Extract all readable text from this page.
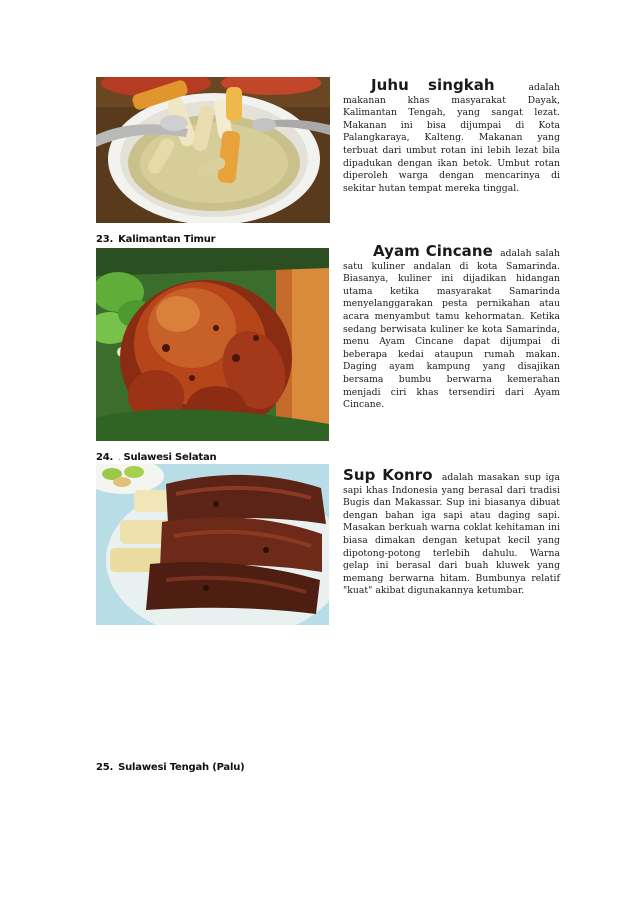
Juhu singkah	adalah makanan khas masyarakat Dayak, Kalimantan Tengah, yang sangat lezat. Makanan ini bisa dijumpai di Kota Palangkaraya, Kalteng. Makanan yang terbuat dari umbut rotan ini lebih lezat bila dipadukan dengan ikan betok. Umbut rotan diperoleh warga dengan mencarinya di sekitar hutan tempat mereka tinggal.
23. Kalimantan Timur
Ayam Cincane adalah salah satu kuliner andalan di kota Samarinda. Biasanya, kuliner ini dijadikan hidangan utama ketika masyarakat Samarinda menyelanggarakan pesta pernikahan atau acara menyambut tamu kehormatan. Ketika sedang berwisata kuliner ke kota Samarinda, menu Ayam Cincane dapat dijumpai di beberapa kedai ataupun rumah makan. Daging ayam kampung yang disajikan bersama bumbu berwarna kemerahan menjadi ciri khas tersendiri dari Ayam Cincane.
24. . Sulawesi Selatan
Sup Konro adalah masakan sup iga sapi khas Indonesia yang berasal dari tradisi Bugis dan Makassar. Sup ini biasanya dibuat dengan bahan iga sapi atau daging sapi. Masakan berkuah warna coklat kehitaman ini biasa dimakan dengan ketupat kecil yang dipotong-potong terlebih dahulu. Warna gelap ini berasal dari buah kluwek yang memang berwarna hitam. Bumbunya relatif "kuat" akibat digunakannya ketumbar.
25. Sulawesi Tengah (Palu)
